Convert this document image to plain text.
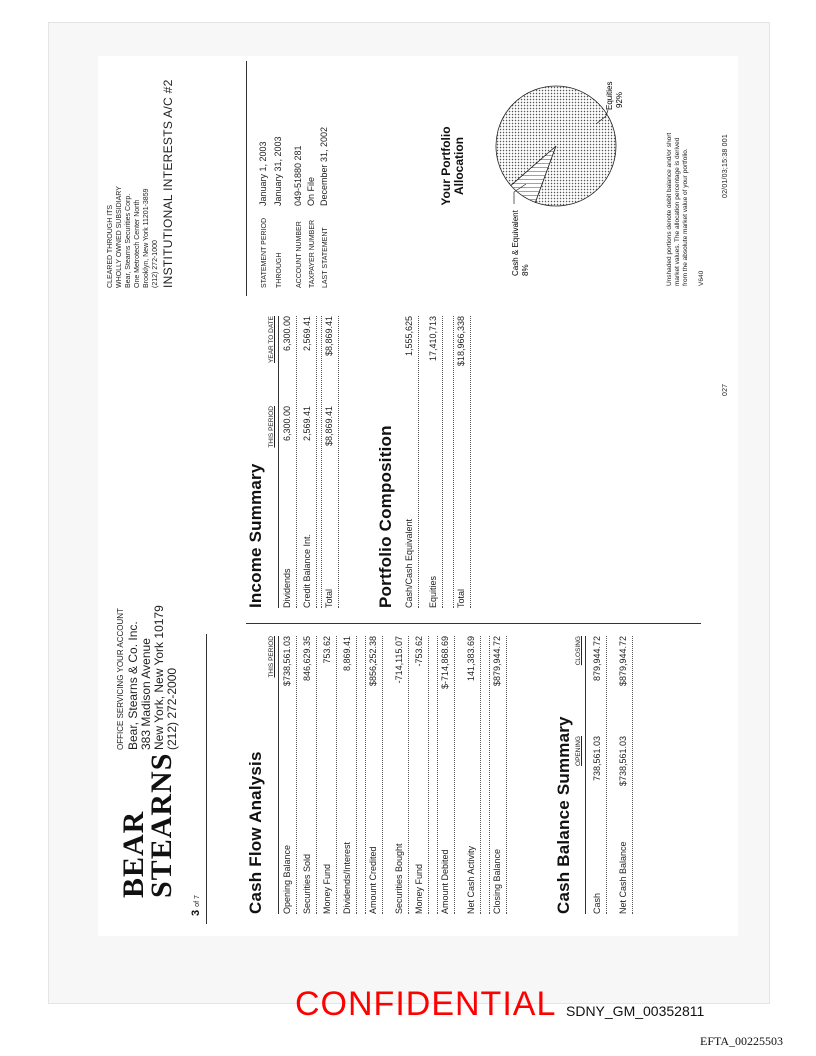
BEAR
STEARNS
3 of 7
OFFICE SERVICING YOUR ACCOUNT Bear, Stearns & Co. Inc. 383 Madison Avenue New York, New York 10179 (212) 272-2000
Cash Flow Analysis
THIS PERIOD
Opening Balance
$738,561.03
Securities Sold
846,629.35
Money Fund
753.62
Dividends/Interest
8,869.41
Amount Credited
$856,252.38
Securities Bought
-714,115.07
Money Fund
-753.62
Amount Debited
$-714,868.69
Net Cash Activity
141,383.69
Closing Balance
$879,944.72
Cash Balance Summary OPENING
CLOSING
Cash
738,561.03
879,944.72
Net Cash Balance
$738,561.03
$879,944.72
Income Summary
THIS PERIOD
YEAR TO DATE
Dividends
6,300.00
6,300.00
Credit Balance Int.
2,569.41
2,569.41
Total
$8,869.41
$8,869.41
Portfolio Composition Cash/Cash Equivalent
1,555,625
Equities
17,410,713
Total
$18,966,338
027
02/01/03;15:38 001
CLEARED THROUGH ITS WHOLLY OWNED SUBSIDIARY Bear, Stearns Securities Corp. One Metrotech Center North Brooklyn, New York 11201-3859 (212) 272-1000 INSTITUTIONAL INTERESTS A/C #2	STATEMENT PERIODJanuary 1, 2003
THROUGHJanuary 31, 2003
ACCOUNT NUMBER049-51880 281
TAXPAYER NUMBEROn File
LAST STATEMENTDecember 31, 2002	Your Portfolio Allocation
Cash & Equivalent 8%
Equities 92%
Unshaded portions denote debit balance and/or short market values. The allocation percentage is derived from the absolute market value of your portfolio. V640
CONFIDENTIAL SDNY_GM_00352811
EFTA_00225503
